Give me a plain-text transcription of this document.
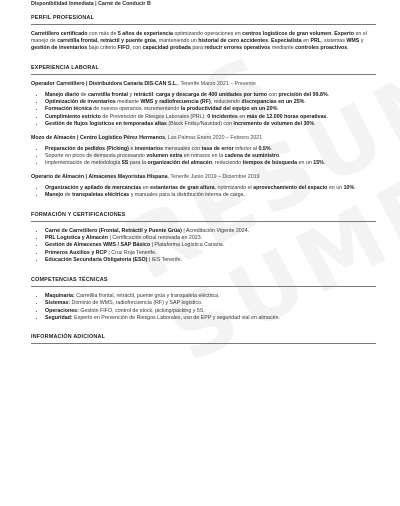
Disponibilidad Inmediata | Carné de Conducir B
PERFIL PROFESIONAL
Carretillero certificado con más de 5 años de experiencia optimizando operaciones en centros logísticos de gran volumen. Experto en el manejo de carretilla frontal, retráctil y puente grúa, manteniendo un historial de cero accidentes. Especialista en PRL, sistemas WMS y gestión de inventarios bajo criterio FIFO, con capacidad probada para reducir errores operativos mediante controles proactivos.
EXPERIENCIA LABORAL
Operador Carretillero | Distribuidora Canaria DIS-CAN S.L., Tenerife Marzo 2021 – Presente
• Manejo diario de carretilla frontal y retráctil: carga y descarga de 400 unidades por turno con precisión del 99.8%.
• Optimización de inventarios mediante WMS y radiofrecuencia (RF), reduciendo discrepancias en un 25%.
• Formación técnica de nuevos operarios, incrementando la productividad del equipo en un 20%.
• Cumplimiento estricto de Prevención de Riesgos Laborales (PRL): 0 incidentes en más de 12.000 horas operativas.
• Gestión de flujos logísticos en temporadas altas (Black Friday/Navidad) con incremento de volumen del 30%.
Mozo de Almacén | Centro Logístico Pérez Hermanos, Las Palmas Enero 2020 – Febrero 2021
• Preparación de pedidos (Picking) e inventarios mensuales con tasa de error inferior al 0.5%.
• Soporte en picos de demanda procesando volumen extra en retrasos en la cadena de suministro.
• Implementación de metodología 5S para la organización del almacén, reduciendo tiempos de búsqueda en un 15%.
Operario de Almacén | Almacenes Mayoristas Hispana, Tenerife Junio 2019 – Diciembre 2019
• Organización y apilado de mercancías en estanterías de gran altura, optimizando el aprovechamiento del espacio en un 10%.
• Manejo de transpaletas eléctricas y manuales para la distribución interna de carga.
FORMACIÓN Y CERTIFICACIONES
• Carné de Carretillero (Frontal, Retráctil y Puente Grúa) | Acreditación Vigente 2024.
• PRL Logística y Almacén | Certificación oficial renovada en 2023.
• Gestión de Almacenes WMS / SAP Básico | Plataforma Logística Canaria.
• Primeros Auxilios y RCP | Cruz Roja Tenerife.
• Educación Secundaria Obligatoria (ESO) | IES Tenerife.
COMPETENCIAS TÉCNICAS
• Maquinaria: Carretilla frontal, retráctil, puente grúa y transpaleta eléctrica.
• Sistemas: Dominio de WMS, radiofrecuencia (RF) y SAP logístico.
• Operaciones: Gestión FIFO, control de stock, picking/packing y 5S.
• Seguridad: Experto en Prevención de Riesgos Laborales, uso de EPP y seguridad vial en almacén.
INFORMACIÓN ADICIONAL
